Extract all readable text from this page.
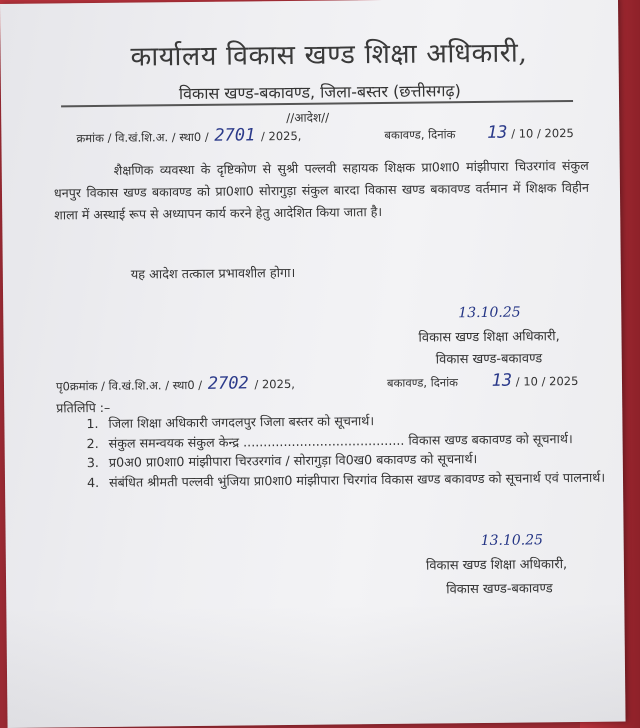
कार्यालय विकास खण्ड शिक्षा अधिकारी,
विकास खण्ड-बकावण्ड, जिला-बस्तर (छत्तीसगढ़)
//आदेश//
क्रमांक / वि.खं.शि.अ. / स्था0 / 2701 / 2025,	बकावण्ड, दिनांक 13 / 10 / 2025
शैक्षणिक व्यवस्था के दृष्टिकोण से सुश्री पल्लवी सहायक शिक्षक प्रा0शा0 मांझीपारा चिउरगांव संकुल धनपुर विकास खण्ड बकावण्ड को प्रा0शा0 सोरागुड़ा संकुल बारदा विकास खण्ड बकावण्ड वर्तमान में शिक्षक विहीन शाला में अस्थाई रूप से अध्यापन कार्य करने हेतु आदेशित किया जाता है।
यह आदेश तत्काल प्रभावशील होगा।
13.10.25
विकास खण्ड शिक्षा अधिकारी,
विकास खण्ड-बकावण्ड
पृ0क्रमांक / वि.खं.शि.अ. / स्था0 / 2702 / 2025,	बकावण्ड, दिनांक 13 / 10 / 2025
प्रतिलिपि :–
1. जिला शिक्षा अधिकारी जगदलपुर जिला बस्तर को सूचनार्थ।
2. संकुल समन्वयक संकुल केन्द्र ........................................ विकास खण्ड बकावण्ड को सूचनार्थ।
3. प्र0अ0 प्रा0शा0 मांझीपारा चिरउरगांव / सोरागुड़ा वि0ख0 बकावण्ड को सूचनार्थ।
4. संबंधित श्रीमती पल्लवी भुंजिया प्रा0शा0 मांझीपारा चिरगांव विकास खण्ड बकावण्ड को सूचनार्थ एवं पालनार्थ।
13.10.25
विकास खण्ड शिक्षा अधिकारी,
विकास खण्ड-बकावण्ड
